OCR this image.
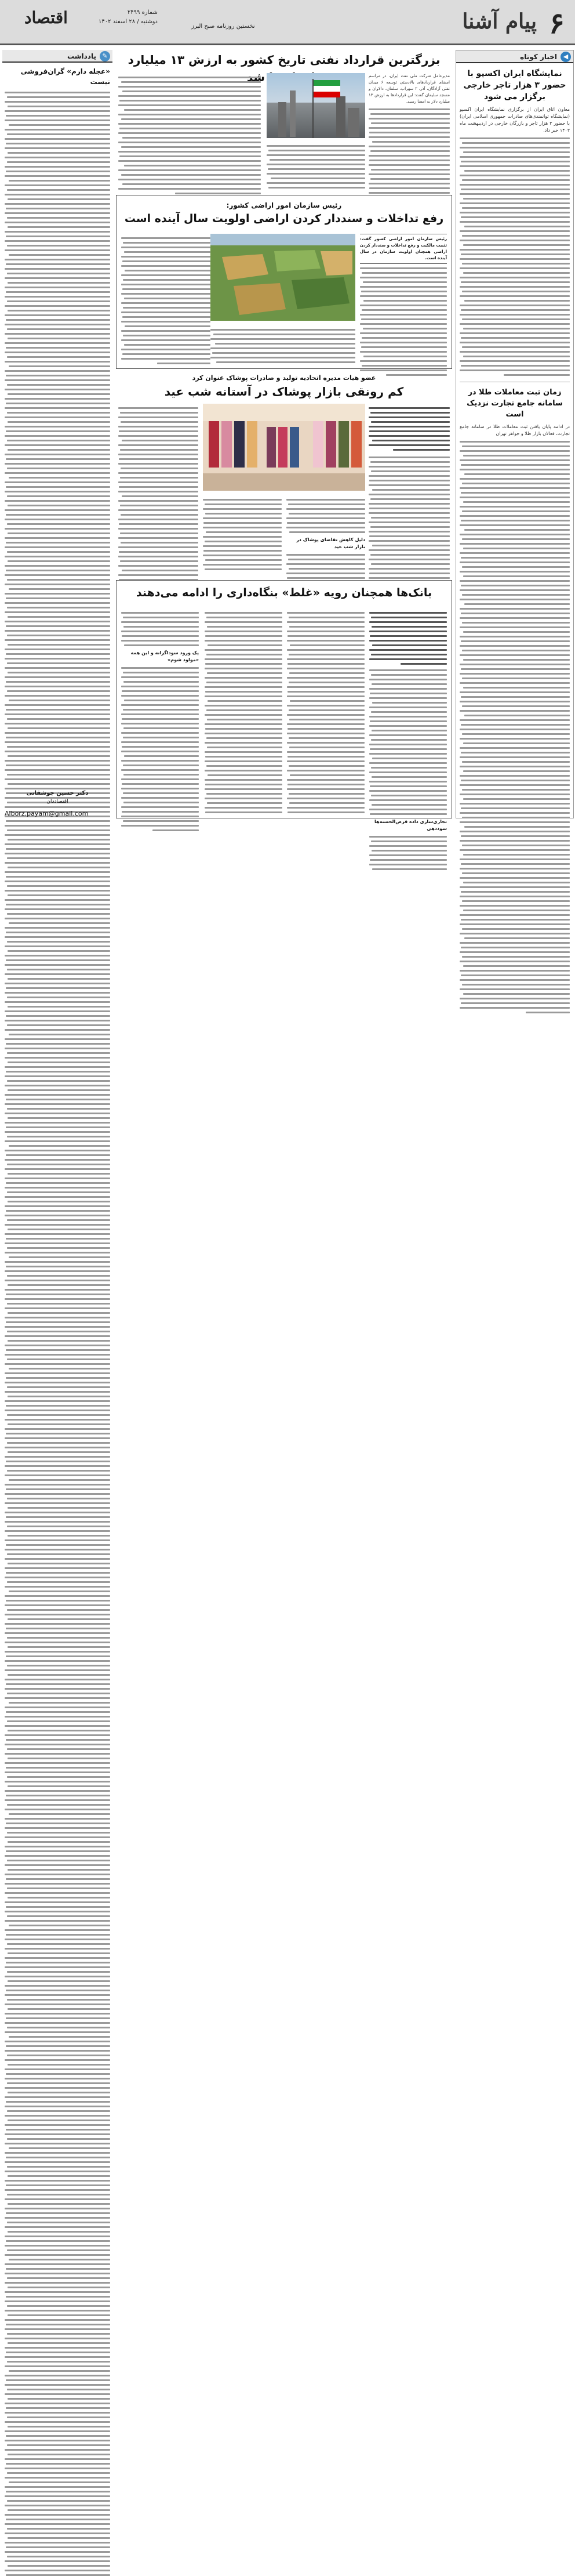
۶
پیام آشنا
نخستین روزنامه صبح البرز
شماره ۲۴۹۹
دوشنبه / ۲۸ اسفند ۱۴۰۲
اقتصاد
◀
اخبار کوتاه
نمایشگاه ایران اکسپو با حضور ۳ هزار تاجر خارجی برگزار می شود
معاون اتاق ایران از برگزاری نمایشگاه ایران اکسپو (نمایشگاه توانمندی‌های صادرات جمهوری اسلامی ایران) با حضور ۳ هزار تاجر و بازرگان خارجی در اردیبهشت ماه ۱۴۰۳ خبر داد.
زمان ثبت معاملات طلا در سامانه جامع تجارت نزدیک است
در ادامه پایان یافتن ثبت معاملات طلا در سامانه جامع تجارت، فعالان بازار طلا و جواهر تهران
✎
یادداشت
«عجله دارم» گران‌فروشی نیست
دکتر حسین جوشقانی
اقتصاددان
Alborz.payam@gmail.com
بزرگترین قرارداد نفتی تاریخ کشور به ارزش ۱۳ میلیارد شد	مدیرعامل شرکت ملی نفت ایران، در مراسم امضای قراردادهای بالادستی توسعه ۶ میدان نفتی آزادگان، آذر، ۲ سهراب، سلمان، دالاوان و مسجد سلیمان گفت: این قراردادها به ارزش ۱۳ میلیارد دلار به امضا رسید.
رئیس سازمان امور اراضی کشور:
رفع تداخلات و سنددار کردن اراضی اولویت سال آینده است
رئیس سازمان امور اراضی کشور گفت: تثبیت مالکیت و رفع تداخلات و سنددار کردن اراضی همچنان اولویت سازمان در سال آینده است.
عضو هیات مدیره اتحادیه تولید و صادرات پوشاک عنوان کرد
کم رونقی بازار پوشاک در آستانه شب عید
دلیل کاهش تقاضای پوشاک در بازار شب عید
بانک‌ها همچنان رویه «غلط» بنگاه‌داری را ادامه می‌دهند
تجاری‌سازی داده قرض‌الحسنه‌ها سوددهی
پک ورود سوداگرانه و این همه «مولود شوم»
